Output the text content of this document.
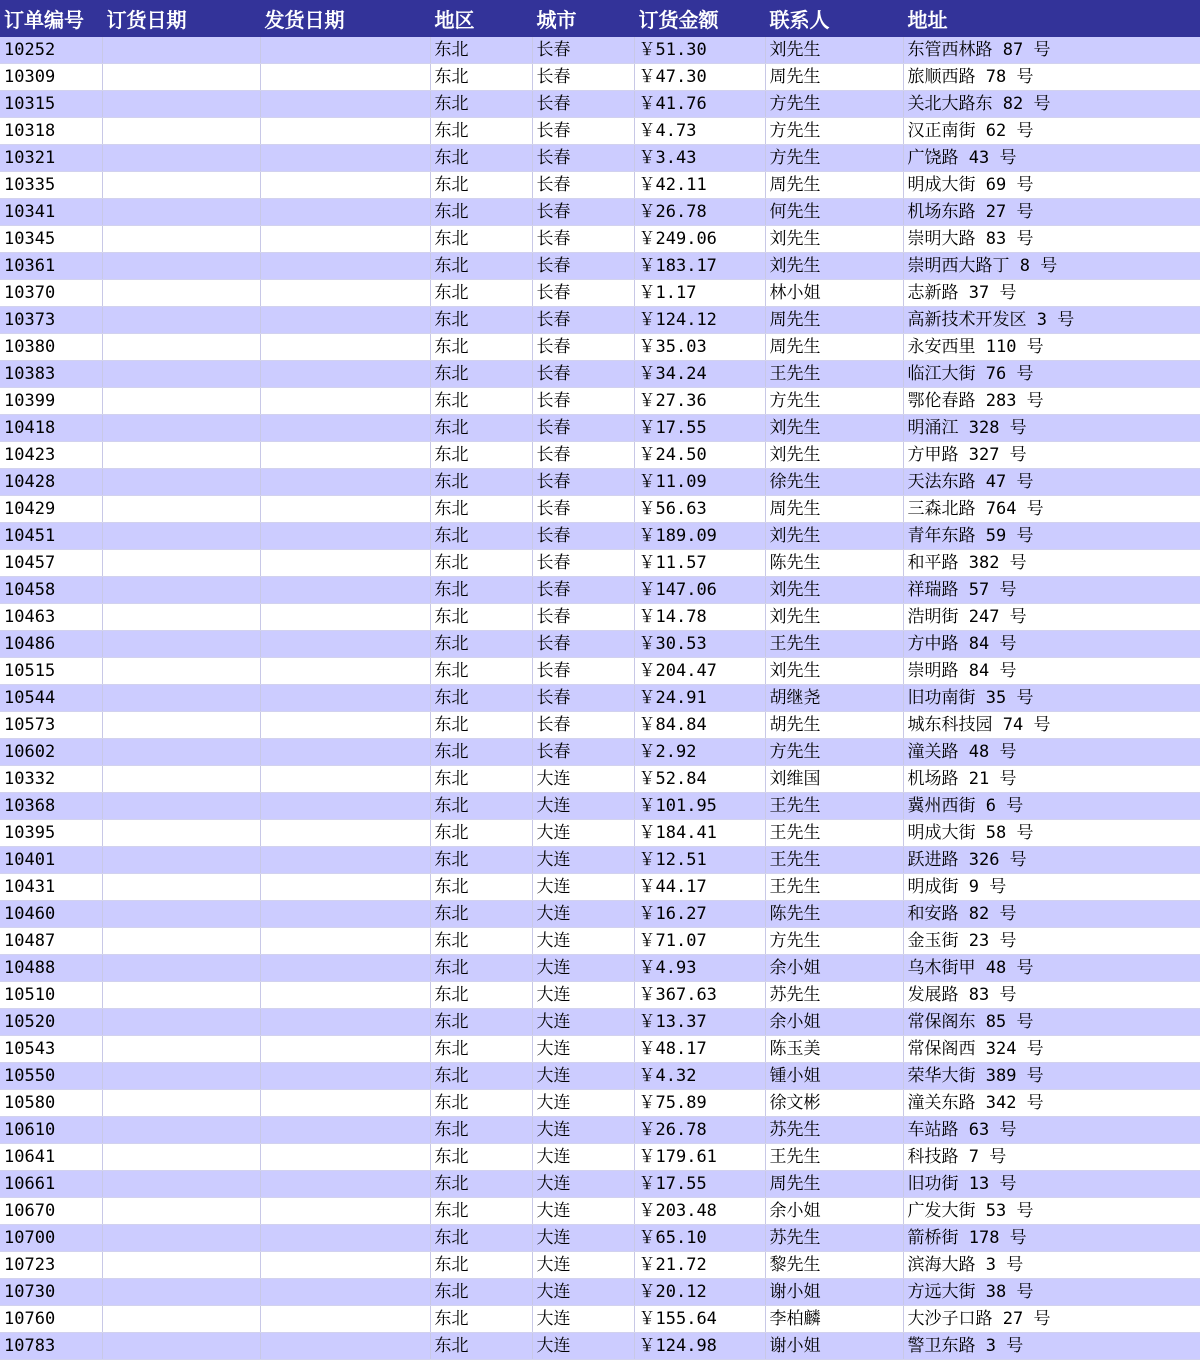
订单编号	订货日期	发货日期	地区	城市	订货金额	联系人	地址
10252			东北	长春	￥51.30	刘先生	东管西林路 87 号
10309			东北	长春	￥47.30	周先生	旅顺西路 78 号
10315			东北	长春	￥41.76	方先生	关北大路东 82 号
10318			东北	长春	￥4.73	方先生	汉正南街 62 号
10321			东北	长春	￥3.43	方先生	广饶路 43 号
10335			东北	长春	￥42.11	周先生	明成大街 69 号
10341			东北	长春	￥26.78	何先生	机场东路 27 号
10345			东北	长春	￥249.06	刘先生	崇明大路 83 号
10361			东北	长春	￥183.17	刘先生	崇明西大路丁 8 号
10370			东北	长春	￥1.17	林小姐	志新路 37 号
10373			东北	长春	￥124.12	周先生	高新技术开发区 3 号
10380			东北	长春	￥35.03	周先生	永安西里 110 号
10383			东北	长春	￥34.24	王先生	临江大街 76 号
10399			东北	长春	￥27.36	方先生	鄂伦春路 283 号
10418			东北	长春	￥17.55	刘先生	明涌江 328 号
10423			东北	长春	￥24.50	刘先生	方甲路 327 号
10428			东北	长春	￥11.09	徐先生	天法东路 47 号
10429			东北	长春	￥56.63	周先生	三森北路 764 号
10451			东北	长春	￥189.09	刘先生	青年东路 59 号
10457			东北	长春	￥11.57	陈先生	和平路 382 号
10458			东北	长春	￥147.06	刘先生	祥瑞路 57 号
10463			东北	长春	￥14.78	刘先生	浩明街 247 号
10486			东北	长春	￥30.53	王先生	方中路 84 号
10515			东北	长春	￥204.47	刘先生	崇明路 84 号
10544			东北	长春	￥24.91	胡继尧	旧功南街 35 号
10573			东北	长春	￥84.84	胡先生	城东科技园 74 号
10602			东北	长春	￥2.92	方先生	潼关路 48 号
10332			东北	大连	￥52.84	刘维国	机场路 21 号
10368			东北	大连	￥101.95	王先生	冀州西街 6 号
10395			东北	大连	￥184.41	王先生	明成大街 58 号
10401			东北	大连	￥12.51	王先生	跃进路 326 号
10431			东北	大连	￥44.17	王先生	明成街 9 号
10460			东北	大连	￥16.27	陈先生	和安路 82 号
10487			东北	大连	￥71.07	方先生	金玉街 23 号
10488			东北	大连	￥4.93	余小姐	乌木街甲 48 号
10510			东北	大连	￥367.63	苏先生	发展路 83 号
10520			东北	大连	￥13.37	余小姐	常保阁东 85 号
10543			东北	大连	￥48.17	陈玉美	常保阁西 324 号
10550			东北	大连	￥4.32	锺小姐	荣华大街 389 号
10580			东北	大连	￥75.89	徐文彬	潼关东路 342 号
10610			东北	大连	￥26.78	苏先生	车站路 63 号
10641			东北	大连	￥179.61	王先生	科技路 7 号
10661			东北	大连	￥17.55	周先生	旧功街 13 号
10670			东北	大连	￥203.48	余小姐	广发大街 53 号
10700			东北	大连	￥65.10	苏先生	箭桥街 178 号
10723			东北	大连	￥21.72	黎先生	滨海大路 3 号
10730			东北	大连	￥20.12	谢小姐	方远大街 38 号
10760			东北	大连	￥155.64	李柏麟	大沙子口路 27 号
10783			东北	大连	￥124.98	谢小姐	警卫东路 3 号
